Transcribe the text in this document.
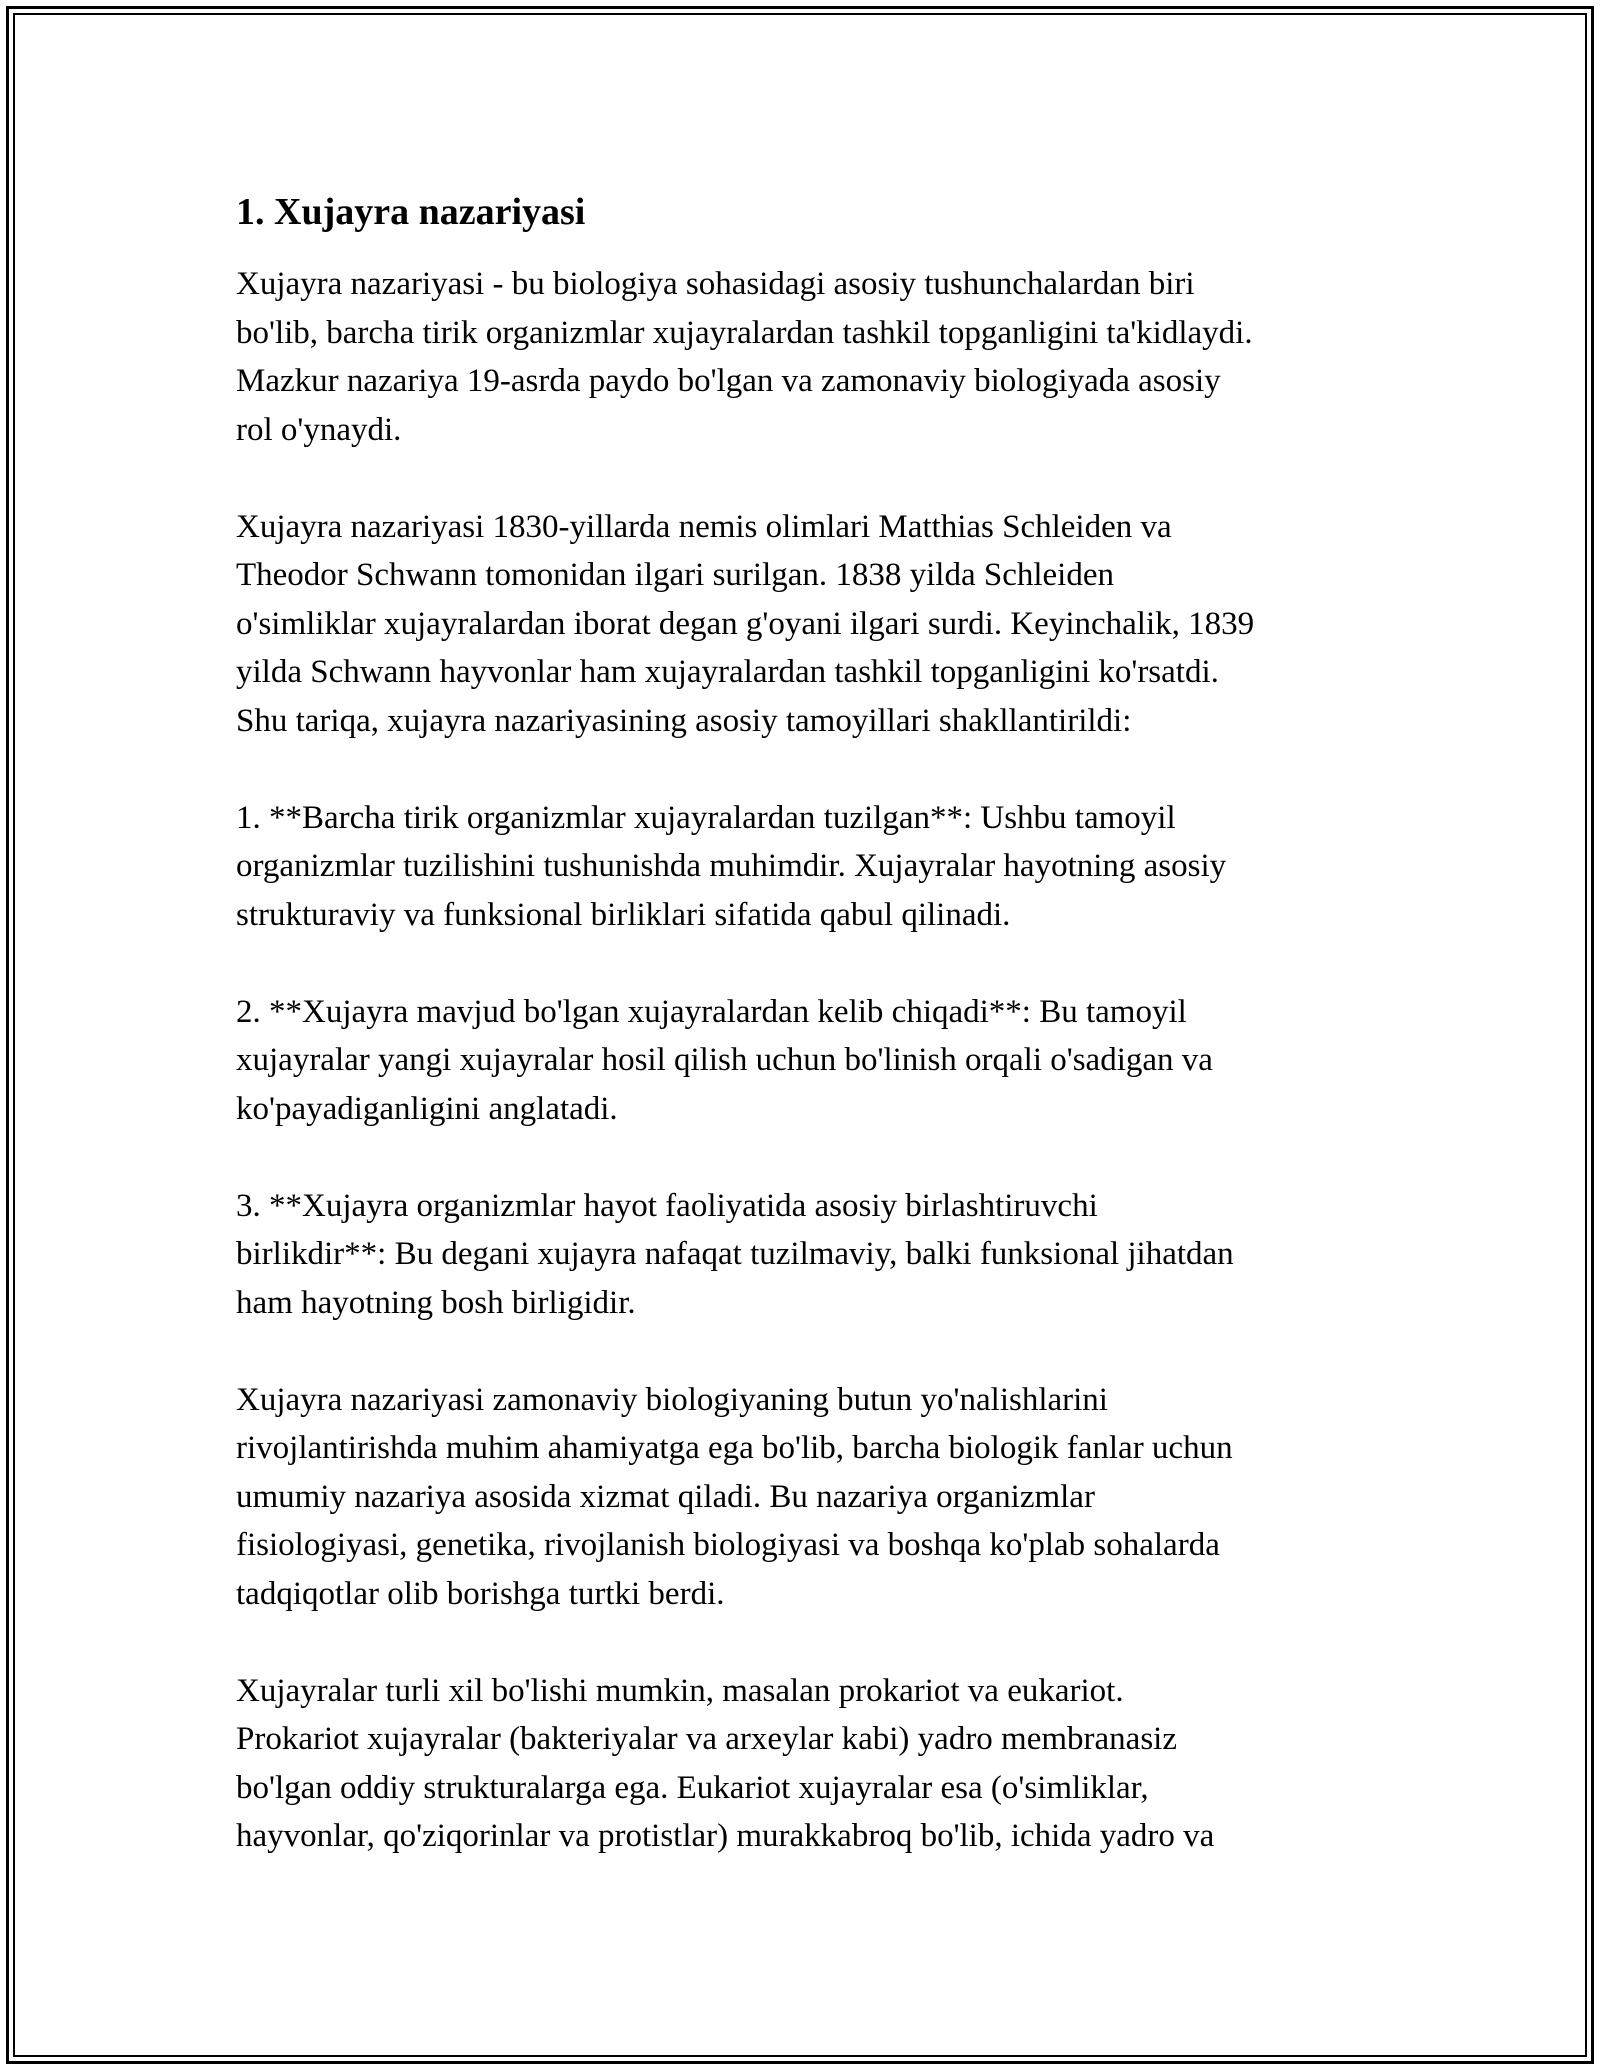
1. Xujayra nazariyasi
Xujayra nazariyasi - bu biologiya sohasidagi asosiy tushunchalardan biri
bo'lib, barcha tirik organizmlar xujayralardan tashkil topganligini ta'kidlaydi.
Mazkur nazariya 19-asrda paydo bo'lgan va zamonaviy biologiyada asosiy
rol o'ynaydi.
Xujayra nazariyasi 1830-yillarda nemis olimlari Matthias Schleiden va
Theodor Schwann tomonidan ilgari surilgan. 1838 yilda Schleiden
o'simliklar xujayralardan iborat degan g'oyani ilgari surdi. Keyinchalik, 1839
yilda Schwann hayvonlar ham xujayralardan tashkil topganligini ko'rsatdi.
Shu tariqa, xujayra nazariyasining asosiy tamoyillari shakllantirildi:
1. **Barcha tirik organizmlar xujayralardan tuzilgan**: Ushbu tamoyil
organizmlar tuzilishini tushunishda muhimdir. Xujayralar hayotning asosiy
strukturaviy va funksional birliklari sifatida qabul qilinadi.
2. **Xujayra mavjud bo'lgan xujayralardan kelib chiqadi**: Bu tamoyil
xujayralar yangi xujayralar hosil qilish uchun bo'linish orqali o'sadigan va
ko'payadiganligini anglatadi.
3. **Xujayra organizmlar hayot faoliyatida asosiy birlashtiruvchi
birlikdir**: Bu degani xujayra nafaqat tuzilmaviy, balki funksional jihatdan
ham hayotning bosh birligidir.
Xujayra nazariyasi zamonaviy biologiyaning butun yo'nalishlarini
rivojlantirishda muhim ahamiyatga ega bo'lib, barcha biologik fanlar uchun
umumiy nazariya asosida xizmat qiladi. Bu nazariya organizmlar
fisiologiyasi, genetika, rivojlanish biologiyasi va boshqa ko'plab sohalarda
tadqiqotlar olib borishga turtki berdi.
Xujayralar turli xil bo'lishi mumkin, masalan prokariot va eukariot.
Prokariot xujayralar (bakteriyalar va arxeylar kabi) yadro membranasiz
bo'lgan oddiy strukturalarga ega. Eukariot xujayralar esa (o'simliklar,
hayvonlar, qo'ziqorinlar va protistlar) murakkabroq bo'lib, ichida yadro va
